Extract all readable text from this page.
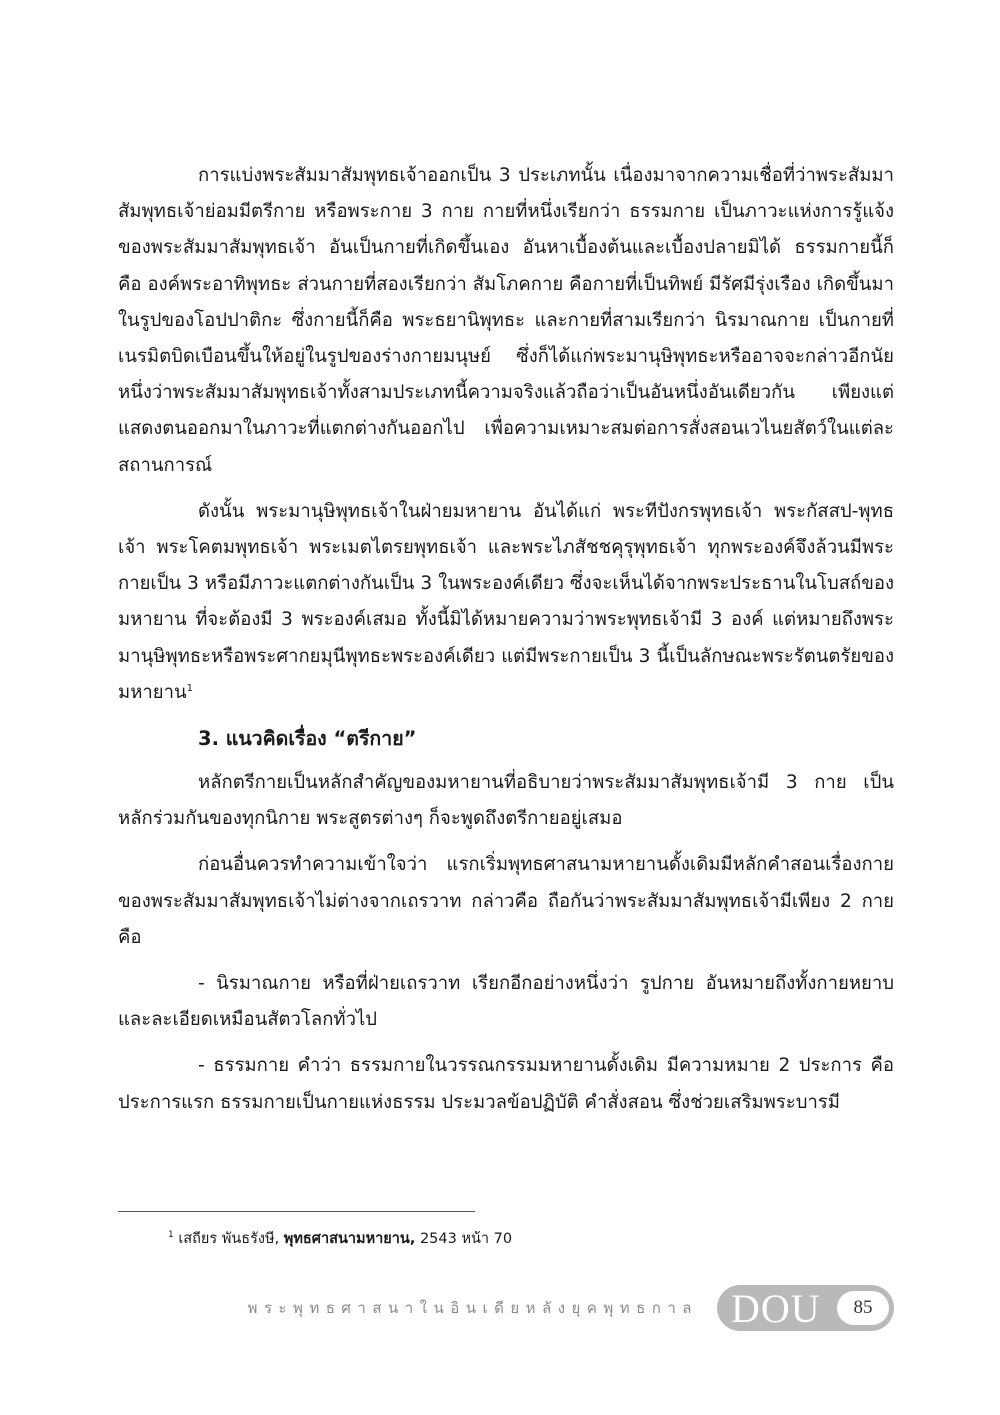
การแบ่งพระสัมมาสัมพุทธเจ้าออกเป็น 3 ประเภทนั้น เนื่องมาจากความเชื่อที่ว่าพระสัมมาสัมพุทธเจ้าย่อมมีตรีกาย หรือพระกาย 3 กาย กายที่หนึ่งเรียกว่า ธรรมกาย เป็นภาวะแห่งการรู้แจ้งของพระสัมมาสัมพุทธเจ้า อันเป็นกายที่เกิดขึ้นเอง อันหาเบื้องต้นและเบื้องปลายมิได้ ธรรมกายนี้ก็คือ องค์พระอาทิพุทธะ ส่วนกายที่สองเรียกว่า สัมโภคกาย คือกายที่เป็นทิพย์ มีรัศมีรุ่งเรือง เกิดขึ้นมาในรูปของโอปปาติกะ ซึ่งกายนี้ก็คือ พระธยานิพุทธะ และกายที่สามเรียกว่า นิรมาณกาย เป็นกายที่เนรมิตบิดเบือนขึ้นให้อยู่ในรูปของร่างกายมนุษย์ ซึ่งก็ได้แก่พระมานุษิพุทธะหรืออาจจะกล่าวอีกนัยหนึ่งว่าพระสัมมาสัมพุทธเจ้าทั้งสามประเภทนี้ความจริงแล้วถือว่าเป็นอันหนึ่งอันเดียวกัน เพียงแต่แสดงตนออกมาในภาวะที่แตกต่างกันออกไป เพื่อความเหมาะสมต่อการสั่งสอนเวไนยสัตว์ในแต่ละสถานการณ์

ดังนั้น พระมานุษิพุทธเจ้าในฝ่ายมหายาน อันได้แก่ พระทีปังกรพุทธเจ้า พระกัสสป-พุทธเจ้า พระโคตมพุทธเจ้า พระเมตไตรยพุทธเจ้า และพระไภสัชชคุรุพุทธเจ้า ทุกพระองค์จึงล้วนมีพระกายเป็น 3 หรือมีภาวะแตกต่างกันเป็น 3 ในพระองค์เดียว ซึ่งจะเห็นได้จากพระประธานในโบสถ์ของมหายาน ที่จะต้องมี 3 พระองค์เสมอ ทั้งนี้มิได้หมายความว่าพระพุทธเจ้ามี 3 องค์ แต่หมายถึงพระมานุษิพุทธะหรือพระศากยมุนีพุทธะพระองค์เดียว แต่มีพระกายเป็น 3 นี้เป็นลักษณะพระรัตนตรัยของมหายาน$^1$

3. แนวคิดเรื่อง “ตรีกาย”

หลักตรีกายเป็นหลักสำคัญของมหายานที่อธิบายว่าพระสัมมาสัมพุทธเจ้ามี 3 กาย เป็นหลักร่วมกันของทุกนิกาย พระสูตรต่างๆ ก็จะพูดถึงตรีกายอยู่เสมอ

ก่อนอื่นควรทำความเข้าใจว่า แรกเริ่มพุทธศาสนามหายานดั้งเดิมมีหลักคำสอนเรื่องกายของพระสัมมาสัมพุทธเจ้าไม่ต่างจากเถรวาท กล่าวคือ ถือกันว่าพระสัมมาสัมพุทธเจ้ามีเพียง 2 กาย คือ

- นิรมาณกาย หรือที่ฝ่ายเถรวาท เรียกอีกอย่างหนึ่งว่า รูปกาย อันหมายถึงทั้งกายหยาบและละเอียดเหมือนสัตวโลกทั่วไป

- ธรรมกาย คำว่า ธรรมกายในวรรณกรรมมหายานดั้งเดิม มีความหมาย 2 ประการ คือ ประการแรก ธรรมกายเป็นกายแห่งธรรม ประมวลข้อปฏิบัติ คำสั่งสอน ซึ่งช่วยเสริมพระบารมี

$^1$ เสถียร พันธรังษี, พุทธศาสนามหายาน, 2543 หน้า 70
พระพุทธศาสนาในอินเดียหลังยุคพุทธกาล DOU	85
